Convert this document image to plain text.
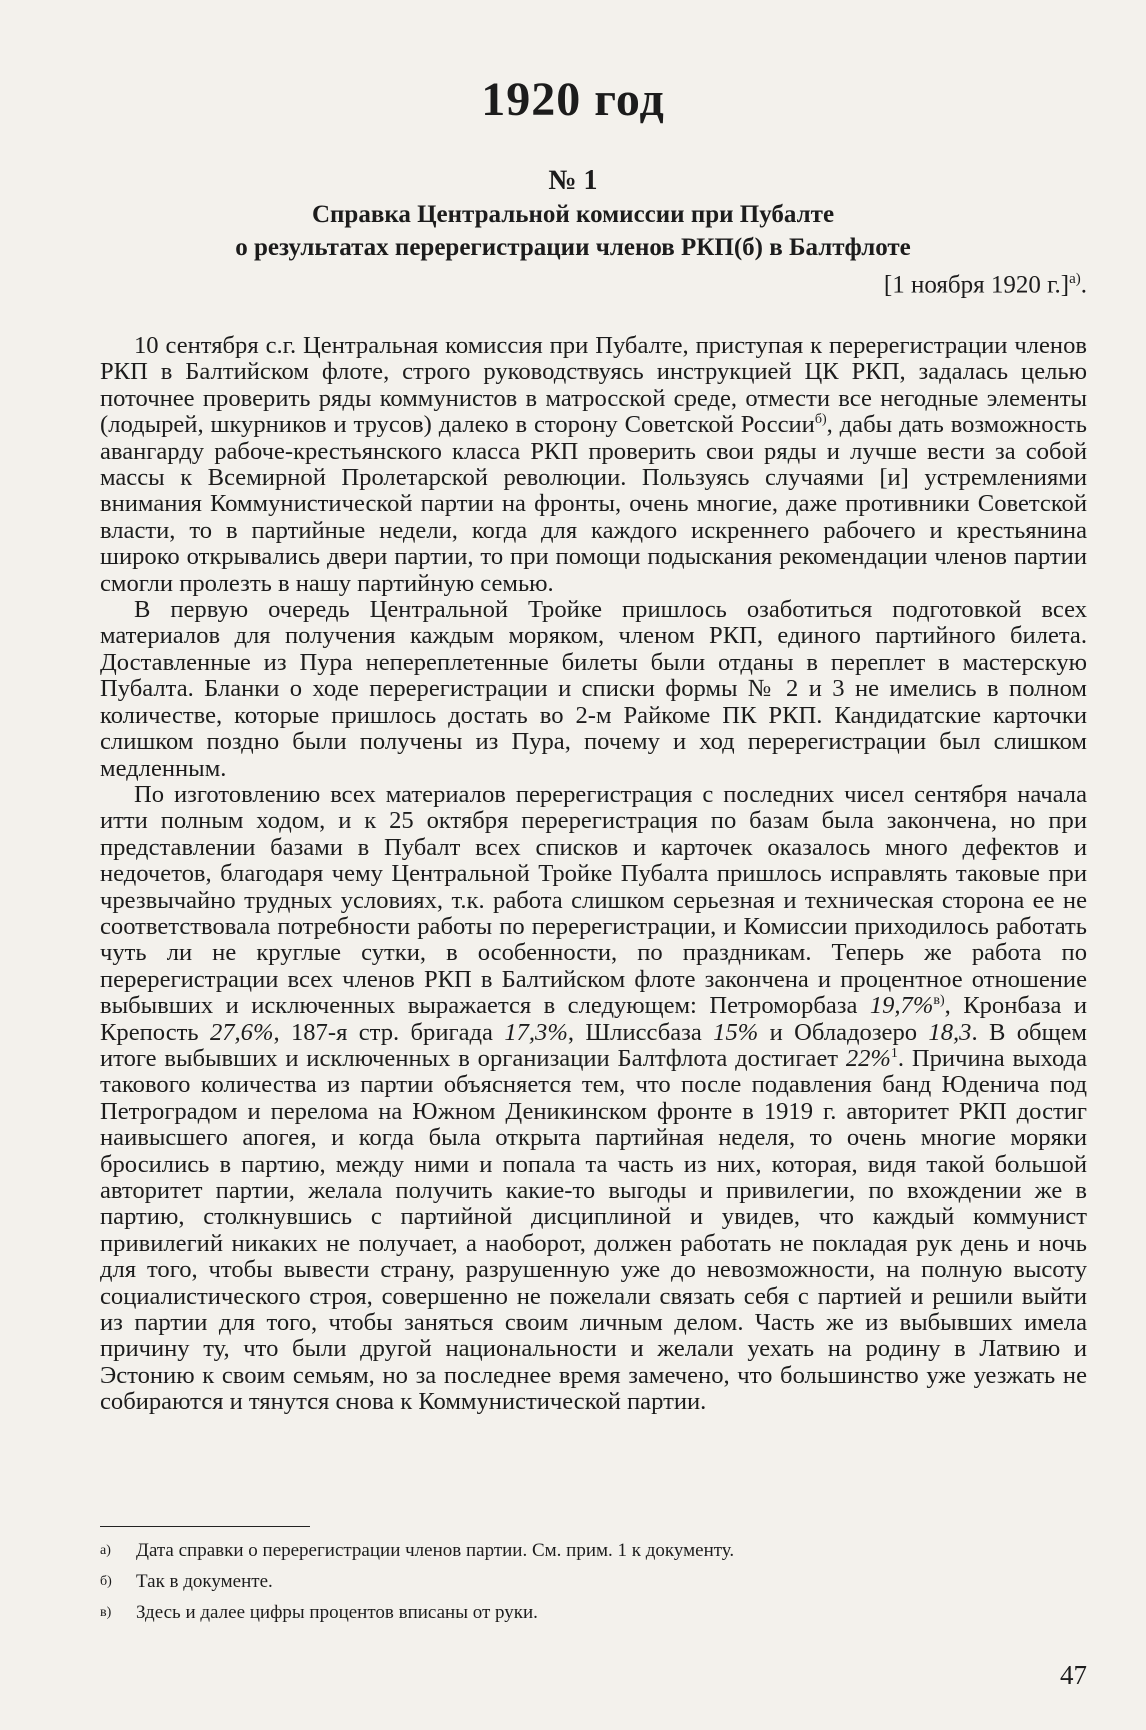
1920 год
№ 1
Справка Центральной комиссии при Пубалте
о результатах перерегистрации членов РКП(б) в Балтфлоте
[1 ноября 1920 г.]$^{а)}$.

10 сентября с.г. Центральная комиссия при Пубалте, приступая к перерегистрации членов РКП в Балтийском флоте, строго руководствуясь инструкцией ЦК РКП, задалась целью поточнее проверить ряды коммунистов в матросской среде, отмести все негодные элементы (лодырей, шкурников и трусов) далеко в сторону Советской России$^{б)}$, дабы дать возможность авангарду рабоче-крестьянского класса РКП проверить свои ряды и лучше вести за собой массы к Всемирной Пролетарской революции. Пользуясь случаями [и] устремлениями внимания Коммунистической партии на фронты, очень многие, даже противники Советской власти, то в партийные недели, когда для каждого искреннего рабочего и крестьянина широко открывались двери партии, то при помощи подыскания рекомендации членов партии смогли пролезть в нашу партийную семью.

В первую очередь Центральной Тройке пришлось озаботиться подготовкой всех материалов для получения каждым моряком, членом РКП, единого партийного билета. Доставленные из Пура непереплетенные билеты были отданы в переплет в мастерскую Пубалта. Бланки о ходе перерегистрации и списки формы № 2 и 3 не имелись в полном количестве, которые пришлось достать во 2-м Райкоме ПК РКП. Кандидатские карточки слишком поздно были получены из Пура, почему и ход перерегистрации был слишком медленным.

По изготовлению всех материалов перерегистрация с последних чисел сентября начала итти полным ходом, и к 25 октября перерегистрация по базам была закончена, но при представлении базами в Пубалт всех списков и карточек оказалось много дефектов и недочетов, благодаря чему Центральной Тройке Пубалта пришлось исправлять таковые при чрезвычайно трудных условиях, т.к. работа слишком серьезная и техническая сторона ее не соответствовала потребности работы по перерегистрации, и Комиссии приходилось работать чуть ли не круглые сутки, в особенности, по праздникам. Теперь же работа по перерегистрации всех членов РКП в Балтийском флоте закончена и процентное отношение выбывших и исключенных выражается в следующем: Петроморбаза 19,7%$^{в)}$, Кронбаза и Крепость 27,6%, 187-я стр. бригада 17,3%, Шлиссбаза 15% и Обладозеро 18,3. В общем итоге выбывших и исключенных в организации Балтфлота достигает 22%$^1$. Причина выхода такового количества из партии объясняется тем, что после подавления банд Юденича под Петроградом и перелома на Южном Деникинском фронте в 1919 г. авторитет РКП достиг наивысшего апогея, и когда была открыта партийная неделя, то очень многие моряки бросились в партию, между ними и попала та часть из них, которая, видя такой большой авторитет партии, желала получить какие-то выгоды и привилегии, по вхождении же в партию, столкнувшись с партийной дисциплиной и увидев, что каждый коммунист привилегий никаких не получает, а наоборот, должен работать не покладая рук день и ночь для того, чтобы вывести страну, разрушенную уже до невозможности, на полную высоту социалистического строя, совершенно не пожелали связать себя с партией и решили выйти из партии для того, чтобы заняться своим личным делом. Часть же из выбывших имела причину ту, что были другой национальности и желали уехать на родину в Латвию и Эстонию к своим семьям, но за последнее время замечено, что большинство уже уезжать не собираются и тянутся снова к Коммунистической партии.

$^{а)}$	Дата справки о перерегистрации членов партии. См. прим. 1 к документу.
$^{б)}$	Так в документе.
$^{в)}$	Здесь и далее цифры процентов вписаны от руки.
47
